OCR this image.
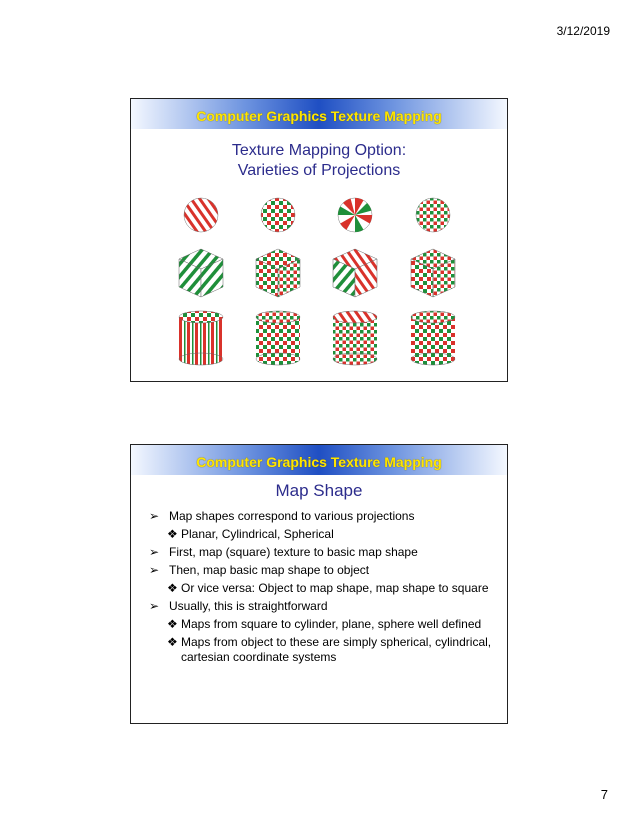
3/12/2019
Computer Graphics Texture Mapping
Texture Mapping Option:
Varieties of Projections
Computer Graphics Texture Mapping
Map Shape
➢ Map shapes correspond to various projections
❖ Planar, Cylindrical, Spherical
➢ First, map (square) texture to basic map shape
➢ Then, map basic map shape to object
❖ Or vice versa: Object to map shape, map shape to square
➢ Usually, this is straightforward
❖ Maps from square to cylinder, plane, sphere well defined
❖ Maps from object to these are simply spherical, cylindrical, cartesian coordinate systems
7
